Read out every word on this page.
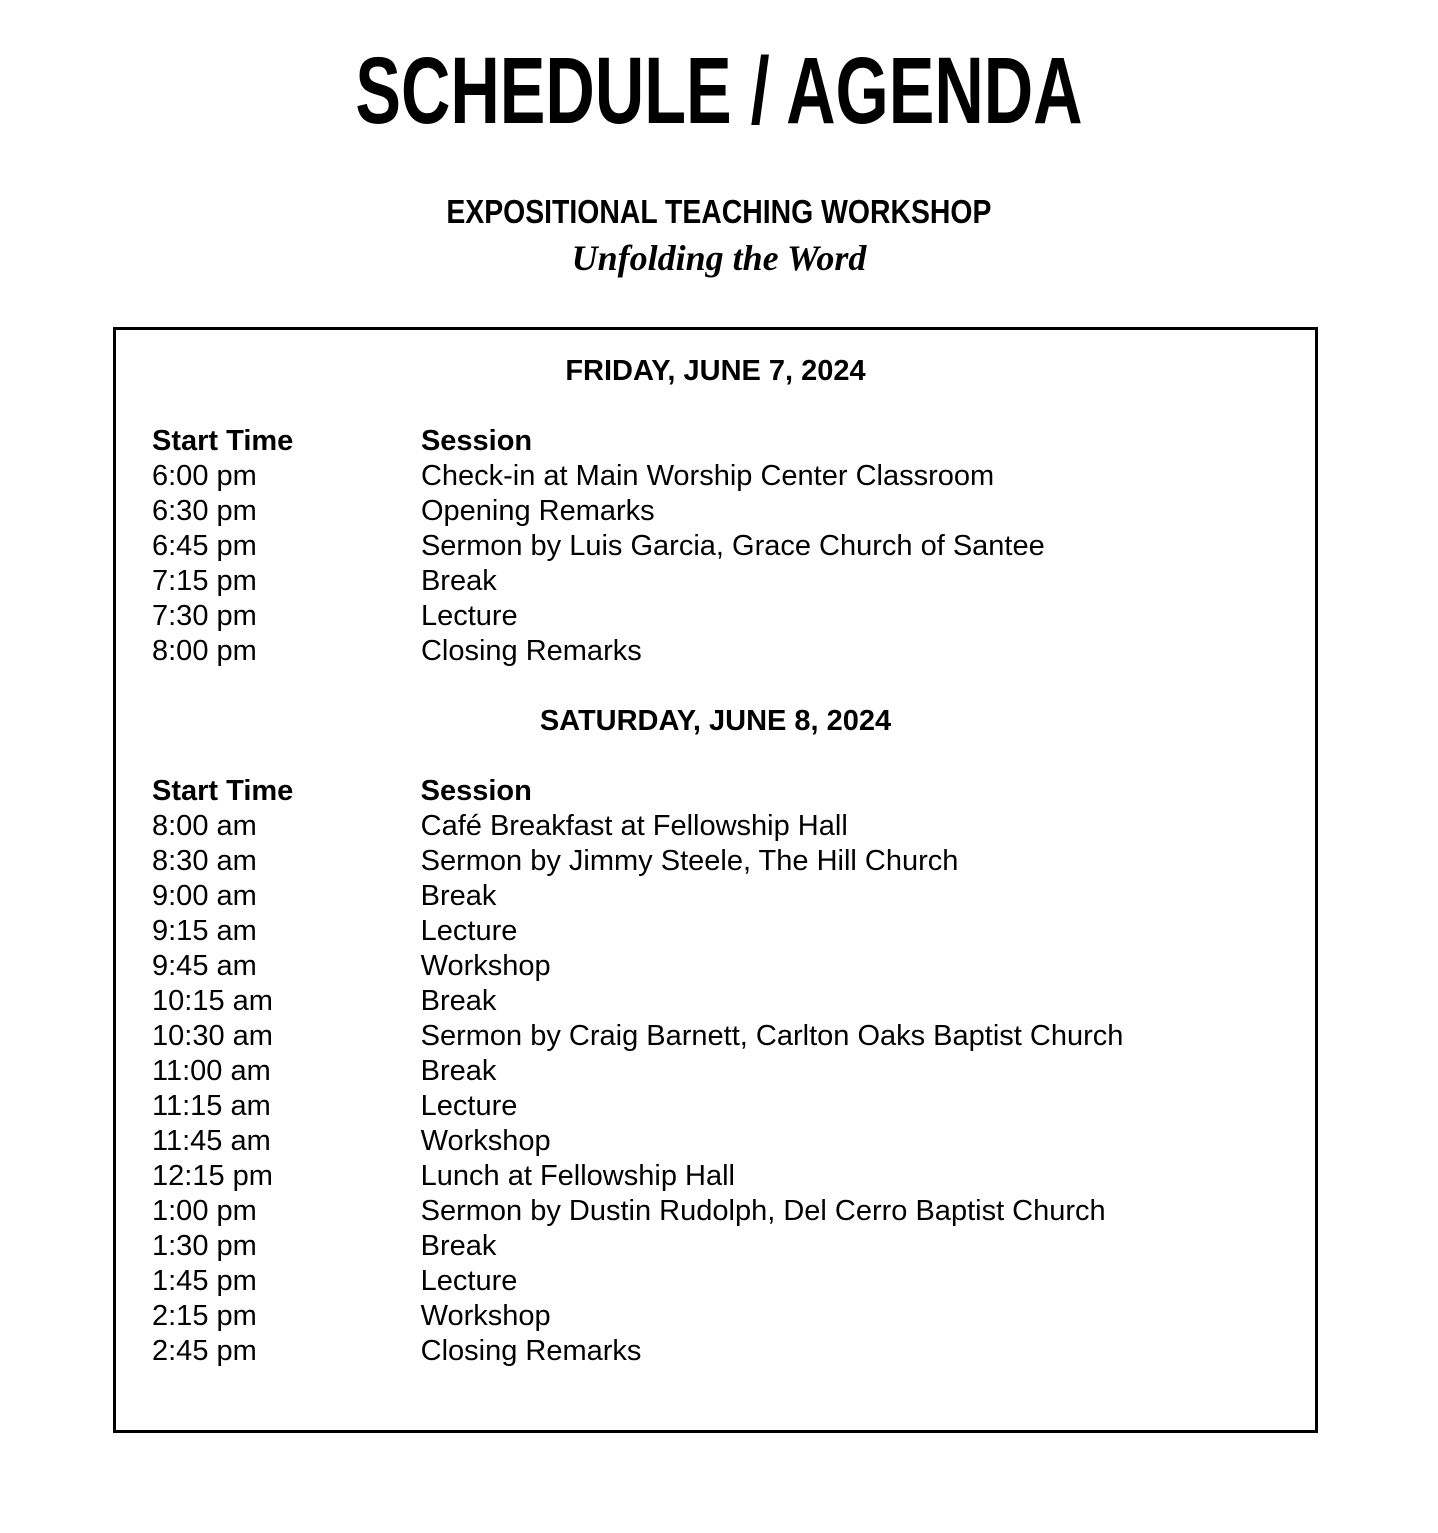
SCHEDULE / AGENDA
EXPOSITIONAL TEACHING WORKSHOP
Unfolding the Word
FRIDAY, JUNE 7, 2024
Start Time	Session
6:00 pm	Check-in at Main Worship Center Classroom
6:30 pm	Opening Remarks
6:45 pm	Sermon by Luis Garcia, Grace Church of Santee
7:15 pm	Break
7:30 pm	Lecture
8:00 pm	Closing Remarks
SATURDAY, JUNE 8, 2024
Start Time	Session
8:00 am	Café Breakfast at Fellowship Hall
8:30 am	Sermon by Jimmy Steele, The Hill Church
9:00 am	Break
9:15 am	Lecture
9:45 am	Workshop
10:15 am	Break
10:30 am	Sermon by Craig Barnett, Carlton Oaks Baptist Church
11:00 am	Break
11:15 am	Lecture
11:45 am	Workshop
12:15 pm	Lunch at Fellowship Hall
1:00 pm	Sermon by Dustin Rudolph, Del Cerro Baptist Church
1:30 pm	Break
1:45 pm	Lecture
2:15 pm	Workshop
2:45 pm	Closing Remarks
